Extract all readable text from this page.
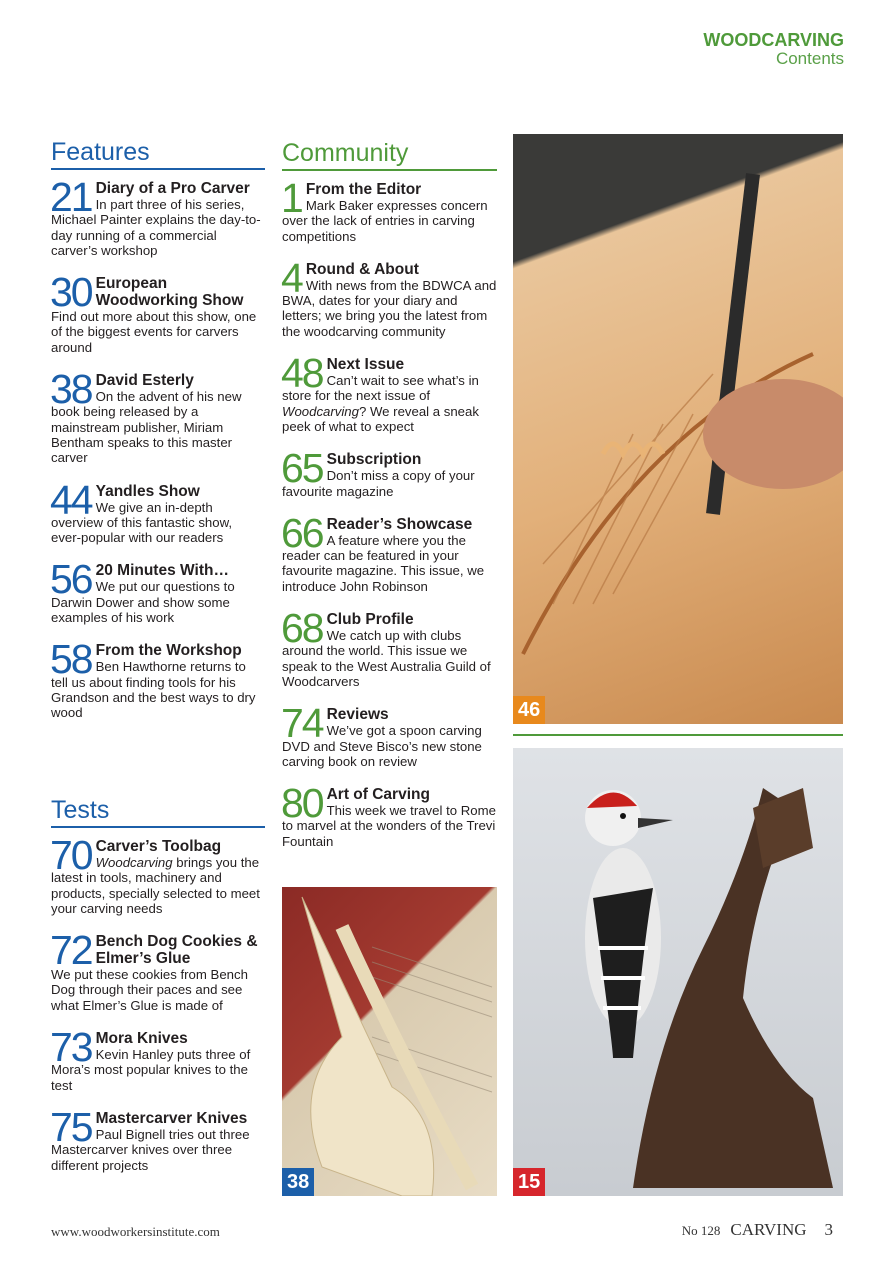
WOODCARVING
Contents
Features
21 Diary of a Pro Carver
In part three of his series, Michael Painter explains the day-to-day running of a commercial carver’s workshop
30 European Woodworking Show
Find out more about this show, one of the biggest events for carvers around
38 David Esterly
On the advent of his new book being released by a mainstream publisher, Miriam Bentham speaks to this master carver
44 Yandles Show
We give an in-depth overview of this fantastic show, ever-popular with our readers
56 20 Minutes With…
We put our questions to Darwin Dower and show some examples of his work
58 From the Workshop
Ben Hawthorne returns to tell us about finding tools for his Grandson and the best ways to dry wood
Tests
70 Carver’s Toolbag
Woodcarving brings you the latest in tools, machinery and products, specially selected to meet your carving needs
72 Bench Dog Cookies & Elmer’s Glue
We put these cookies from Bench Dog through their paces and see what Elmer’s Glue is made of
73 Mora Knives
Kevin Hanley puts three of Mora’s most popular knives to the test
75 Mastercarver Knives
Paul Bignell tries out three Mastercarver knives over three different projects
Community
1 From the Editor
Mark Baker expresses concern over the lack of entries in carving competitions
4 Round & About
With news from the BDWCA and BWA, dates for your diary and letters; we bring you the latest from the woodcarving community
48 Next Issue
Can’t wait to see what’s in store for the next issue of Woodcarving? We reveal a sneak peek of what to expect
65 Subscription
Don’t miss a copy of your favourite magazine
66 Reader’s Showcase
A feature where you the reader can be featured in your favourite magazine. This issue, we introduce John Robinson
68 Club Profile
We catch up with clubs around the world. This issue we speak to the West Australia Guild of Woodcarvers
74 Reviews
We’ve got a spoon carving DVD and Steve Bisco’s new stone carving book on review
80 Art of Carving
This week we travel to Rome to marvel at the wonders of the Trevi Fountain
46
15
38
www.woodworkersinstitute.com	No 128 CARVING 3
